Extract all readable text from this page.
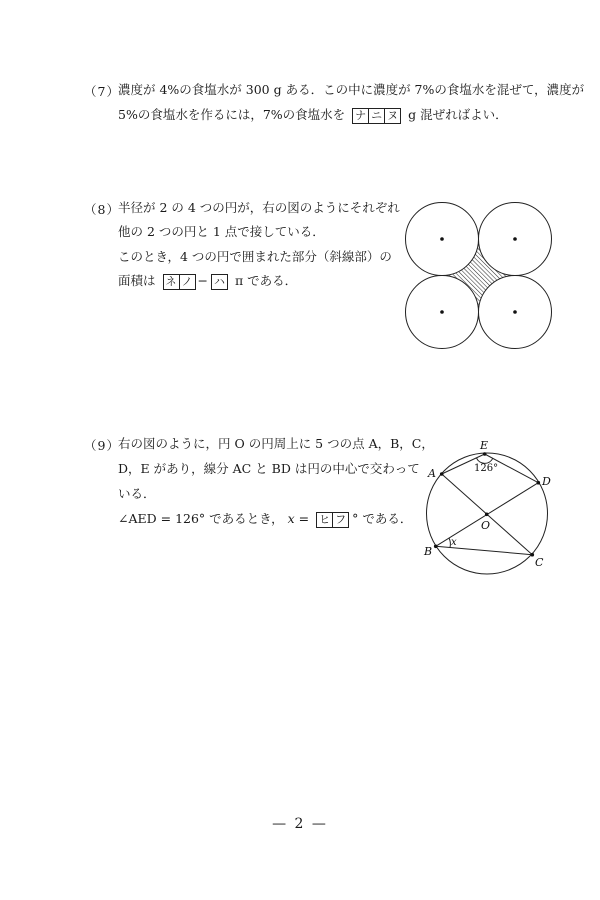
（7）
濃度が 4%の食塩水が 300 g ある．この中に濃度が 7%の食塩水を混ぜて，濃度が
5%の食塩水を作るには，7%の食塩水を ナ ニ ヌ g 混ぜればよい．
（8）
半径が 2 の 4 つの円が，右の図のようにそれぞれ
他の 2 つの円と 1 点で接している．
このとき，4 つの円で囲まれた部分（斜線部）の
面積は ネ ノ − ハ π である．
（9）
右の図のように，円 O の円周上に 5 つの点 A，B，C，
D，E があり，線分 AC と BD は円の中心で交わって
いる．
∠AED = 126° であるとき， x = ヒ フ ° である．
E
A
D
O
B
C
x
126°
— 2 —
